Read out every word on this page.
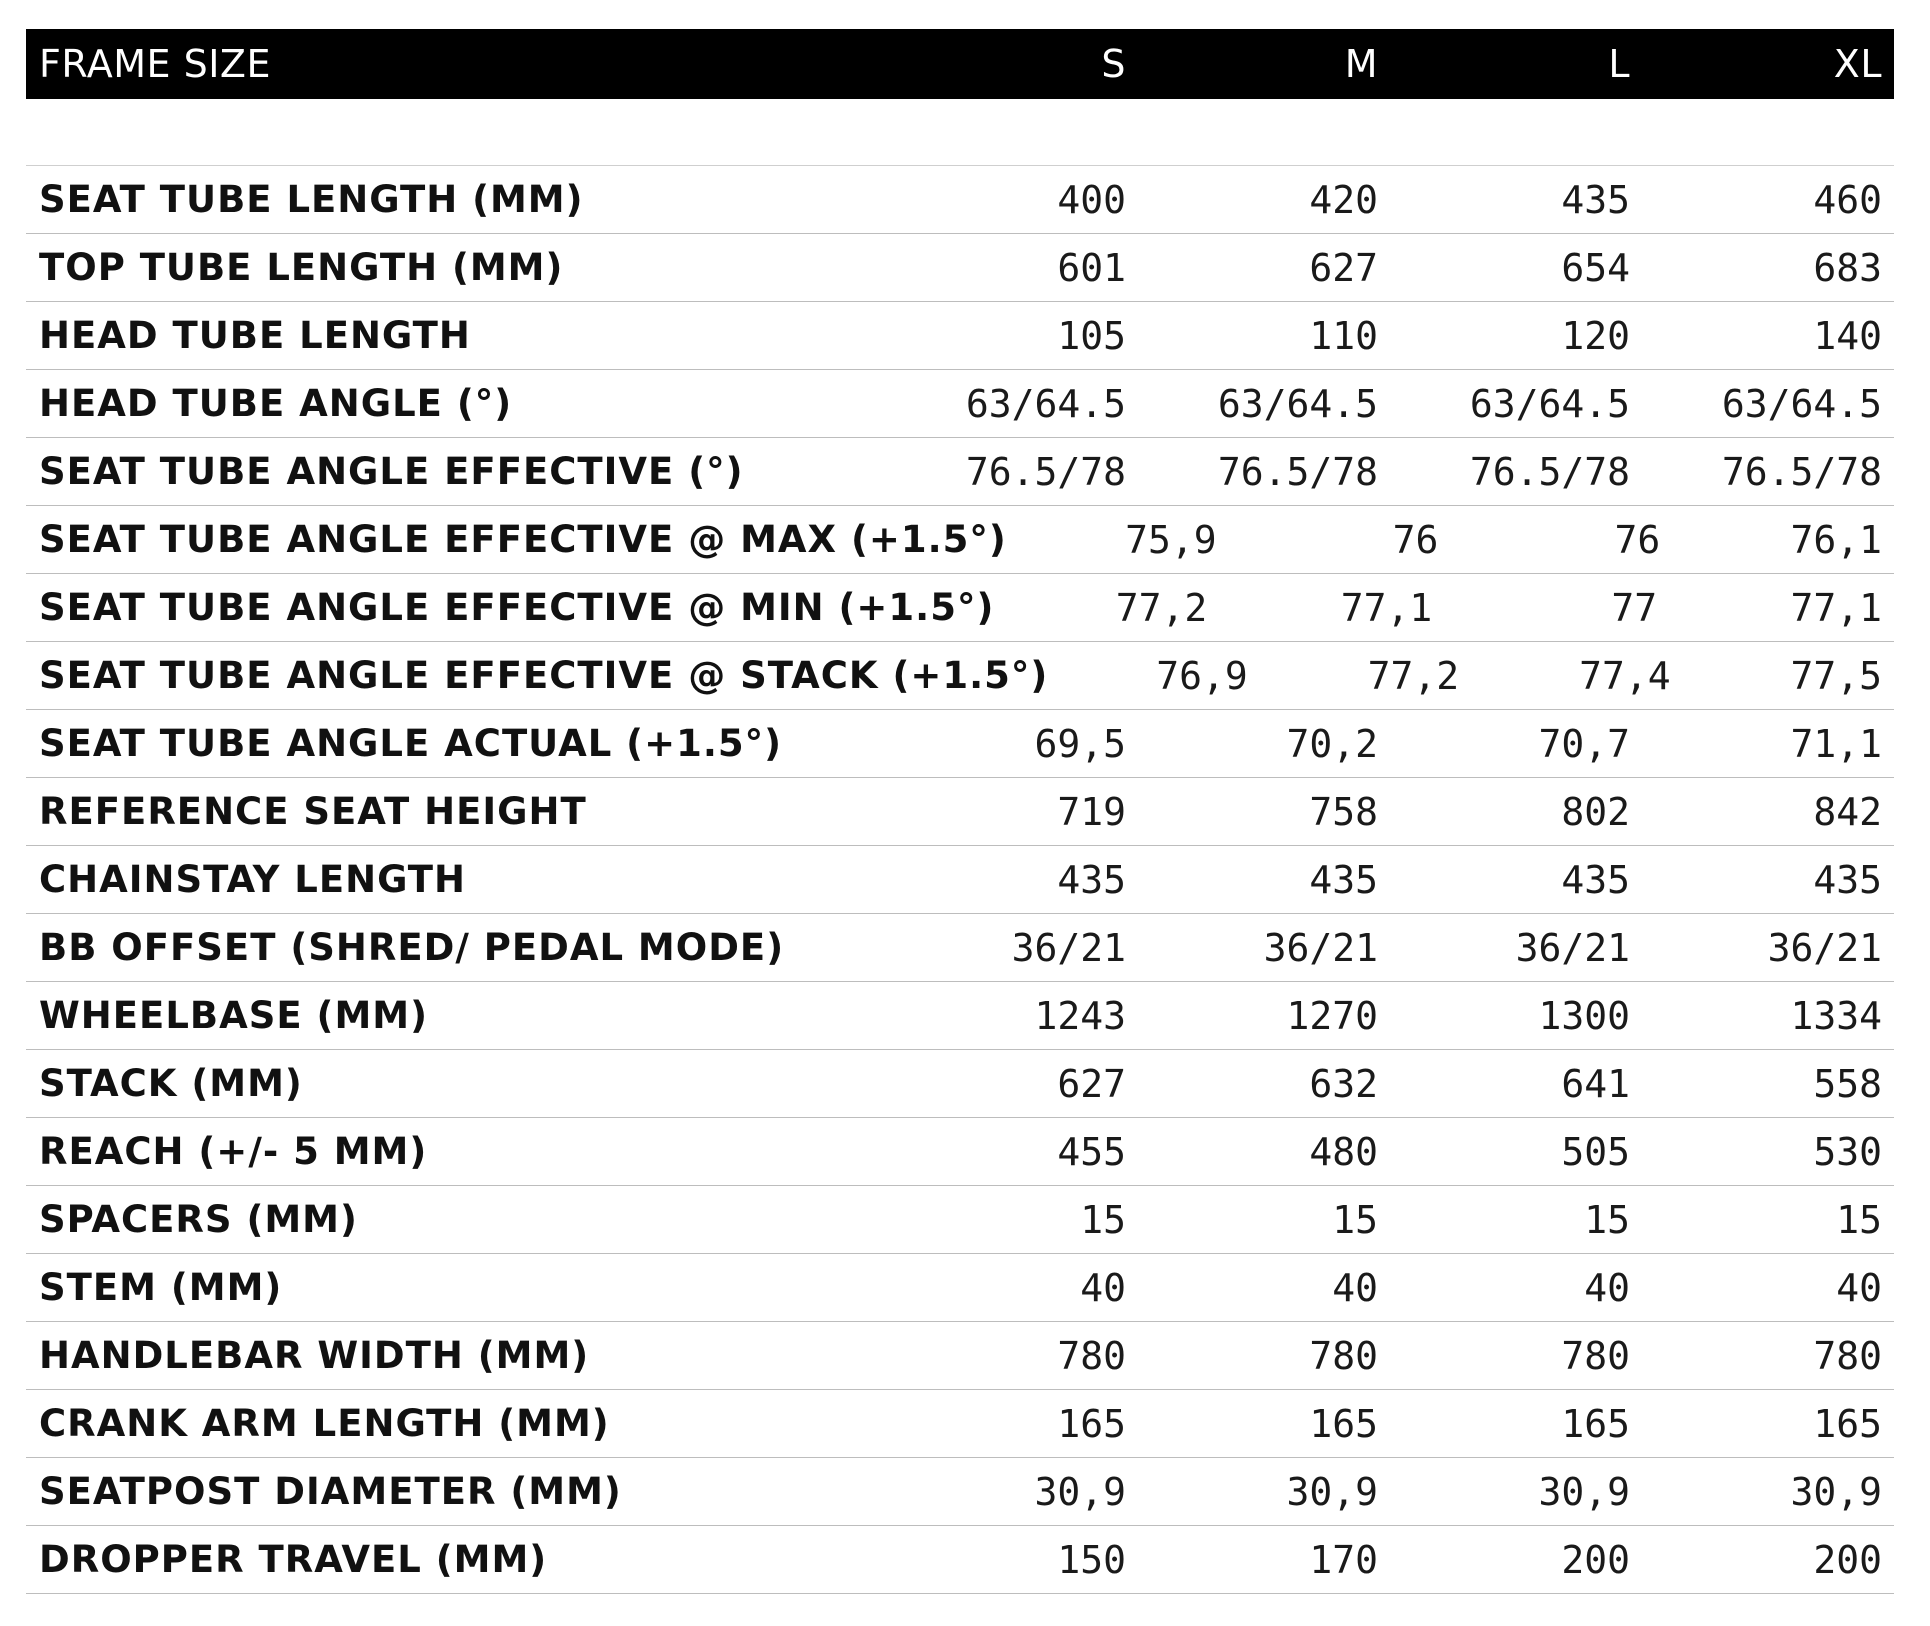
FRAME SIZE	S	M	L	XL
SEAT TUBE LENGTH (MM)	400	420	435	460
TOP TUBE LENGTH (MM)	601	627	654	683
HEAD TUBE LENGTH	105	110	120	140
HEAD TUBE ANGLE (°)	63/64.5	63/64.5	63/64.5	63/64.5
SEAT TUBE ANGLE EFFECTIVE (°)	76.5/78	76.5/78	76.5/78	76.5/78
SEAT TUBE ANGLE EFFECTIVE @ MAX (+1.5°)	75,9	76	76	76,1
SEAT TUBE ANGLE EFFECTIVE @ MIN (+1.5°)	77,2	77,1	77	77,1
SEAT TUBE ANGLE EFFECTIVE @ STACK (+1.5°)	76,9	77,2	77,4	77,5
SEAT TUBE ANGLE ACTUAL (+1.5°)	69,5	70,2	70,7	71,1
REFERENCE SEAT HEIGHT	719	758	802	842
CHAINSTAY LENGTH	435	435	435	435
BB OFFSET (SHRED/ PEDAL MODE)	36/21	36/21	36/21	36/21
WHEELBASE (MM)	1243	1270	1300	1334
STACK (MM)	627	632	641	558
REACH (+/- 5 MM)	455	480	505	530
SPACERS (MM)	15	15	15	15
STEM (MM)	40	40	40	40
HANDLEBAR WIDTH (MM)	780	780	780	780
CRANK ARM LENGTH (MM)	165	165	165	165
SEATPOST DIAMETER (MM)	30,9	30,9	30,9	30,9
DROPPER TRAVEL (MM)	150	170	200	200
